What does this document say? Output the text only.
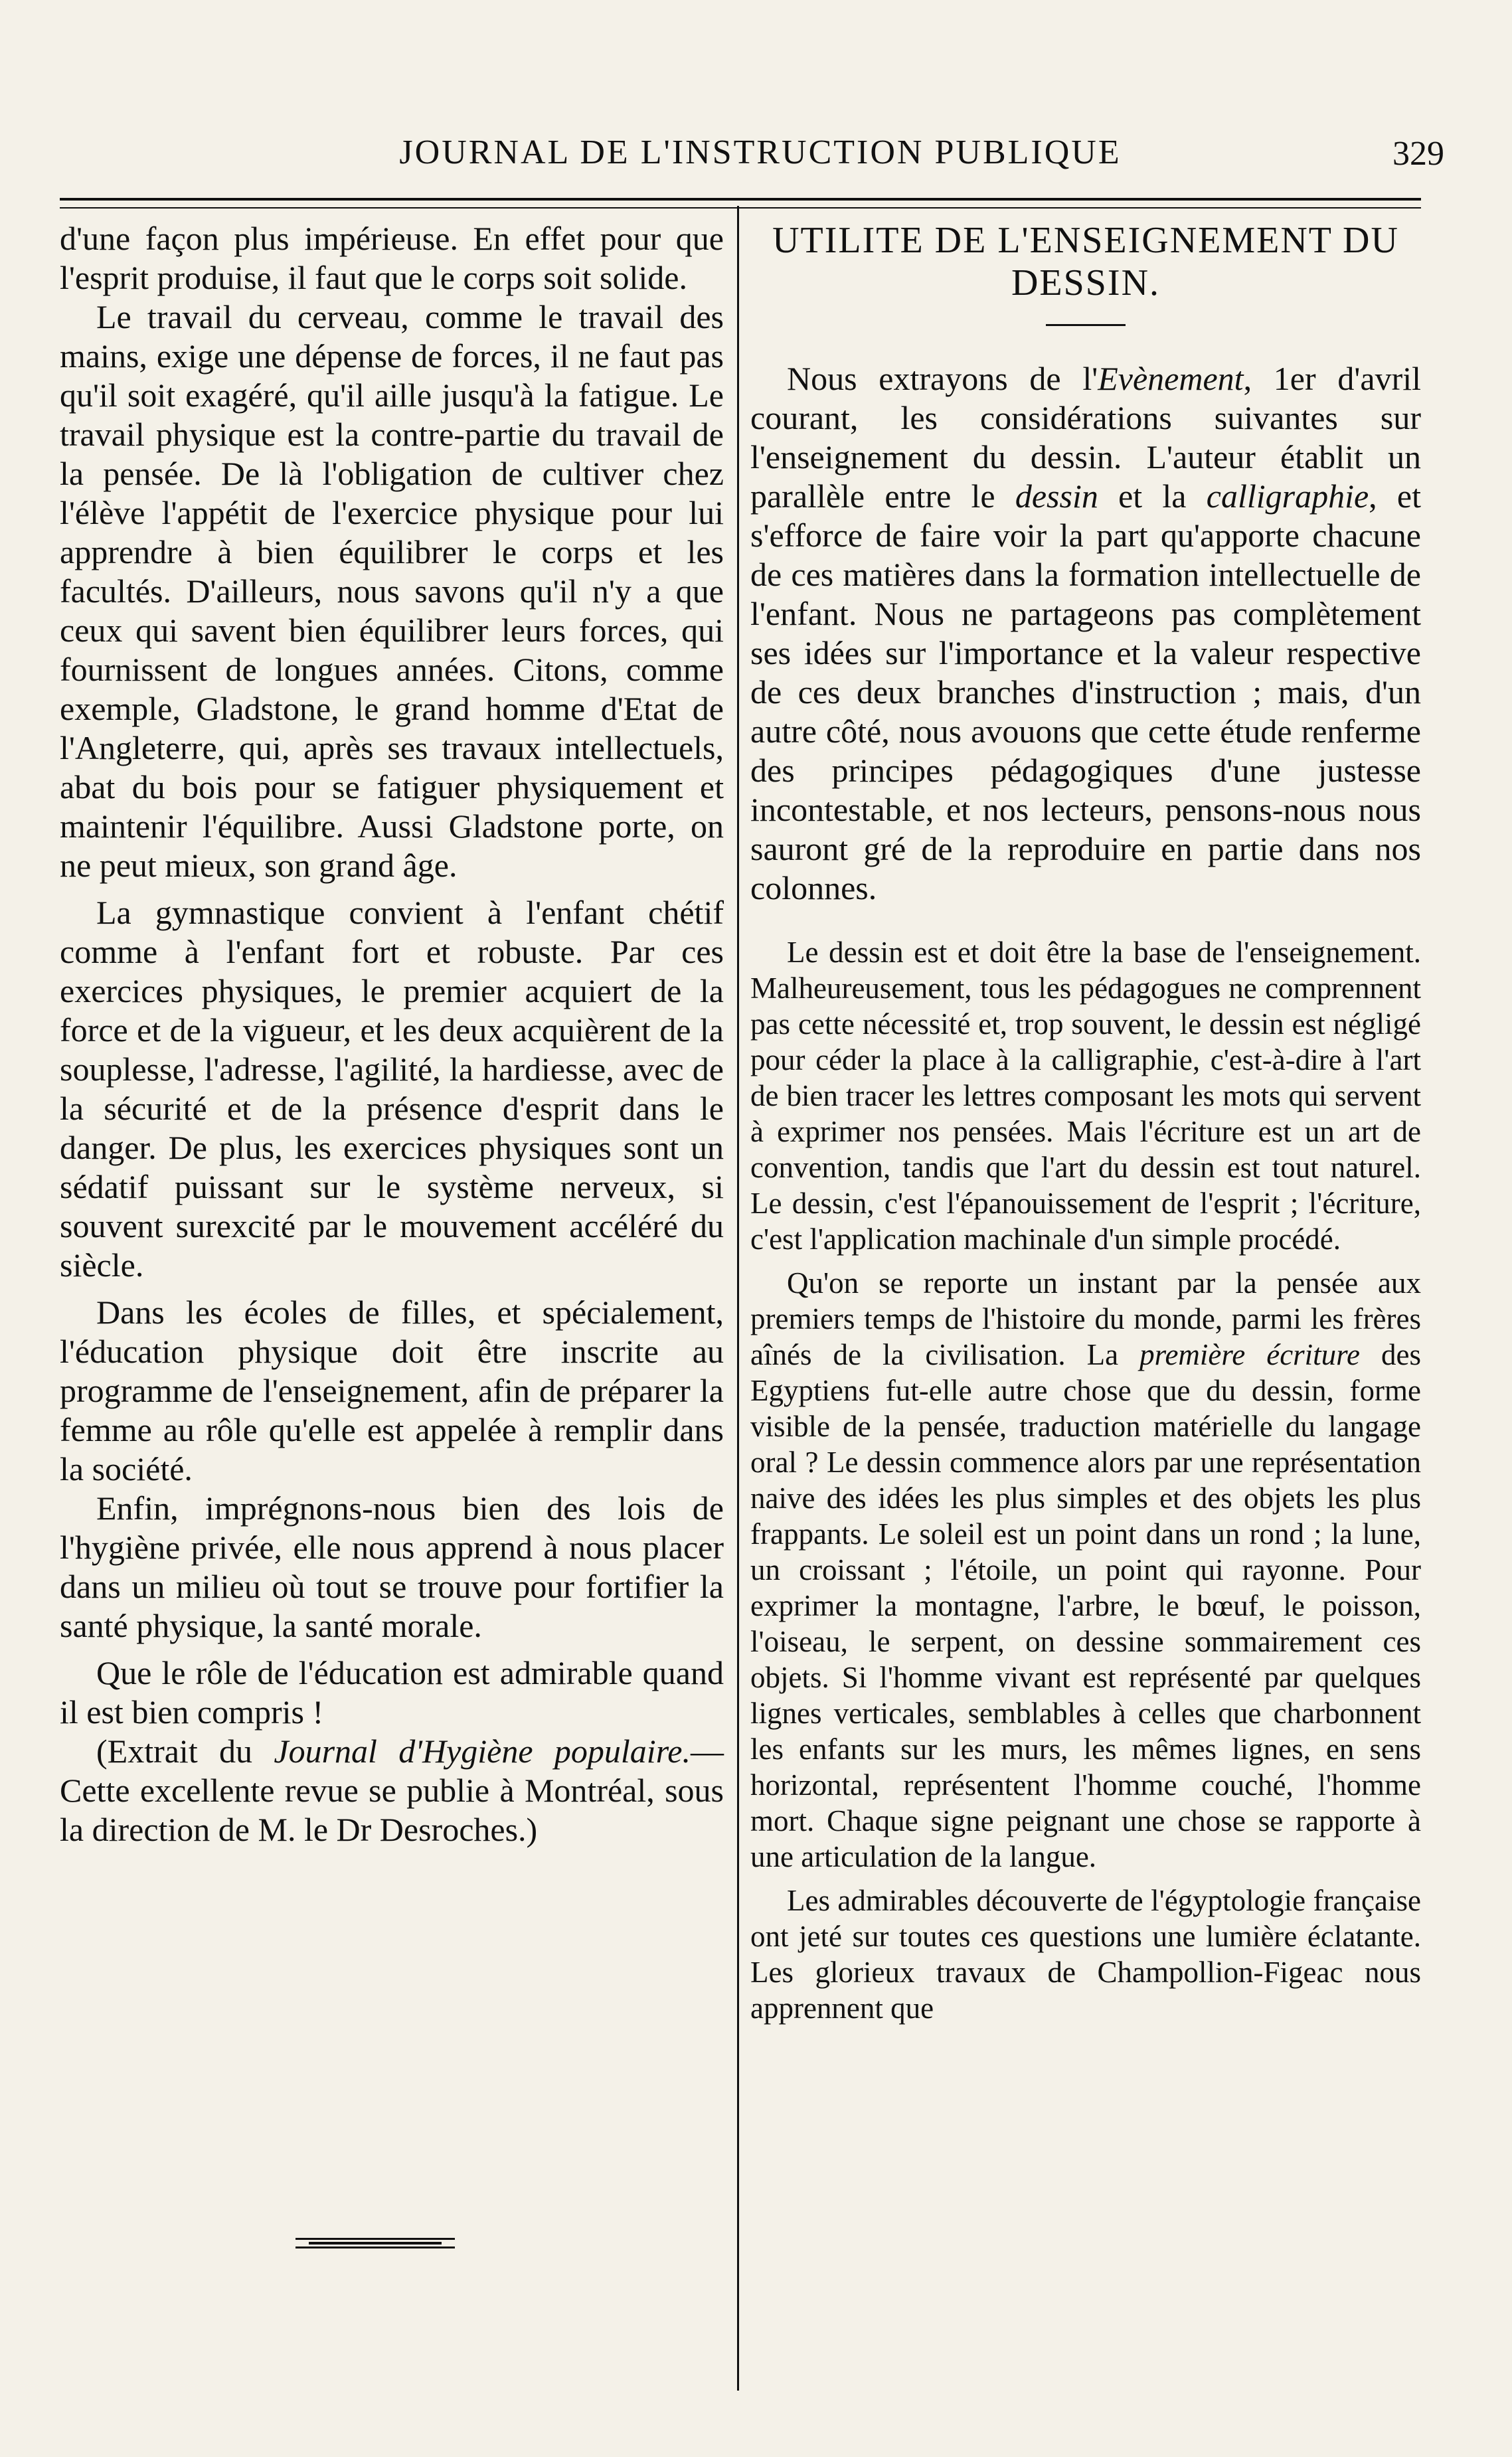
JOURNAL DE L'INSTRUCTION PUBLIQUE	329

d'une façon plus impérieuse. En effet pour que l'esprit produise, il faut que le corps soit solide.

Le travail du cerveau, comme le travail des mains, exige une dépense de forces, il ne faut pas qu'il soit exagéré, qu'il aille jusqu'à la fatigue. Le travail physique est la contre-partie du travail de la pensée. De là l'obligation de cultiver chez l'élève l'appétit de l'exercice physique pour lui apprendre à bien équilibrer le corps et les facultés. D'ailleurs, nous savons qu'il n'y a que ceux qui savent bien équilibrer leurs forces, qui fournissent de longues années. Citons, comme exemple, Gladstone, le grand homme d'Etat de l'Angleterre, qui, après ses travaux intellectuels, abat du bois pour se fatiguer physiquement et maintenir l'équilibre. Aussi Gladstone porte, on ne peut mieux, son grand âge.

La gymnastique convient à l'enfant chétif comme à l'enfant fort et robuste. Par ces exercices physiques, le premier acquiert de la force et de la vigueur, et les deux acquièrent de la souplesse, l'adresse, l'agilité, la hardiesse, avec de la sécurité et de la présence d'esprit dans le danger. De plus, les exercices physiques sont un sédatif puissant sur le système nerveux, si souvent surexcité par le mouvement accéléré du siècle.

Dans les écoles de filles, et spécialement, l'éducation physique doit être inscrite au programme de l'enseignement, afin de préparer la femme au rôle qu'elle est appelée à remplir dans la société.

Enfin, imprégnons-nous bien des lois de l'hygiène privée, elle nous apprend à nous placer dans un milieu où tout se trouve pour fortifier la santé physique, la santé morale.

Que le rôle de l'éducation est admirable quand il est bien compris !

(Extrait du Journal d'Hygiène populaire.—Cette excellente revue se publie à Montréal, sous la direction de M. le Dr Desroches.)

UTILITE DE L'ENSEIGNEMENT DU DESSIN.

Nous extrayons de l'Evènement, 1er d'avril courant, les considérations suivantes sur l'enseignement du dessin. L'auteur établit un parallèle entre le dessin et la calligraphie, et s'efforce de faire voir la part qu'apporte chacune de ces matières dans la formation intellectuelle de l'enfant. Nous ne partageons pas complètement ses idées sur l'importance et la valeur respective de ces deux branches d'instruction ; mais, d'un autre côté, nous avouons que cette étude renferme des principes pédagogiques d'une justesse incontestable, et nos lecteurs, pensons-nous nous sauront gré de la reproduire en partie dans nos colonnes.

Le dessin est et doit être la base de l'enseignement. Malheureusement, tous les pédagogues ne comprennent pas cette nécessité et, trop souvent, le dessin est négligé pour céder la place à la calligraphie, c'est-à-dire à l'art de bien tracer les lettres composant les mots qui servent à exprimer nos pensées. Mais l'écriture est un art de convention, tandis que l'art du dessin est tout naturel. Le dessin, c'est l'épanouissement de l'esprit ; l'écriture, c'est l'application machinale d'un simple procédé.

Qu'on se reporte un instant par la pensée aux premiers temps de l'histoire du monde, parmi les frères aînés de la civilisation. La première écriture des Egyptiens fut-elle autre chose que du dessin, forme visible de la pensée, traduction matérielle du langage oral ? Le dessin commence alors par une représentation naive des idées les plus simples et des objets les plus frappants. Le soleil est un point dans un rond ; la lune, un croissant ; l'étoile, un point qui rayonne. Pour exprimer la montagne, l'arbre, le bœuf, le poisson, l'oiseau, le serpent, on dessine sommairement ces objets. Si l'homme vivant est représenté par quelques lignes verticales, semblables à celles que charbonnent les enfants sur les murs, les mêmes lignes, en sens horizontal, représentent l'homme couché, l'homme mort. Chaque signe peignant une chose se rapporte à une articulation de la langue.

Les admirables découverte de l'égyptologie française ont jeté sur toutes ces questions une lumière éclatante. Les glorieux travaux de Champollion-Figeac nous apprennent que
